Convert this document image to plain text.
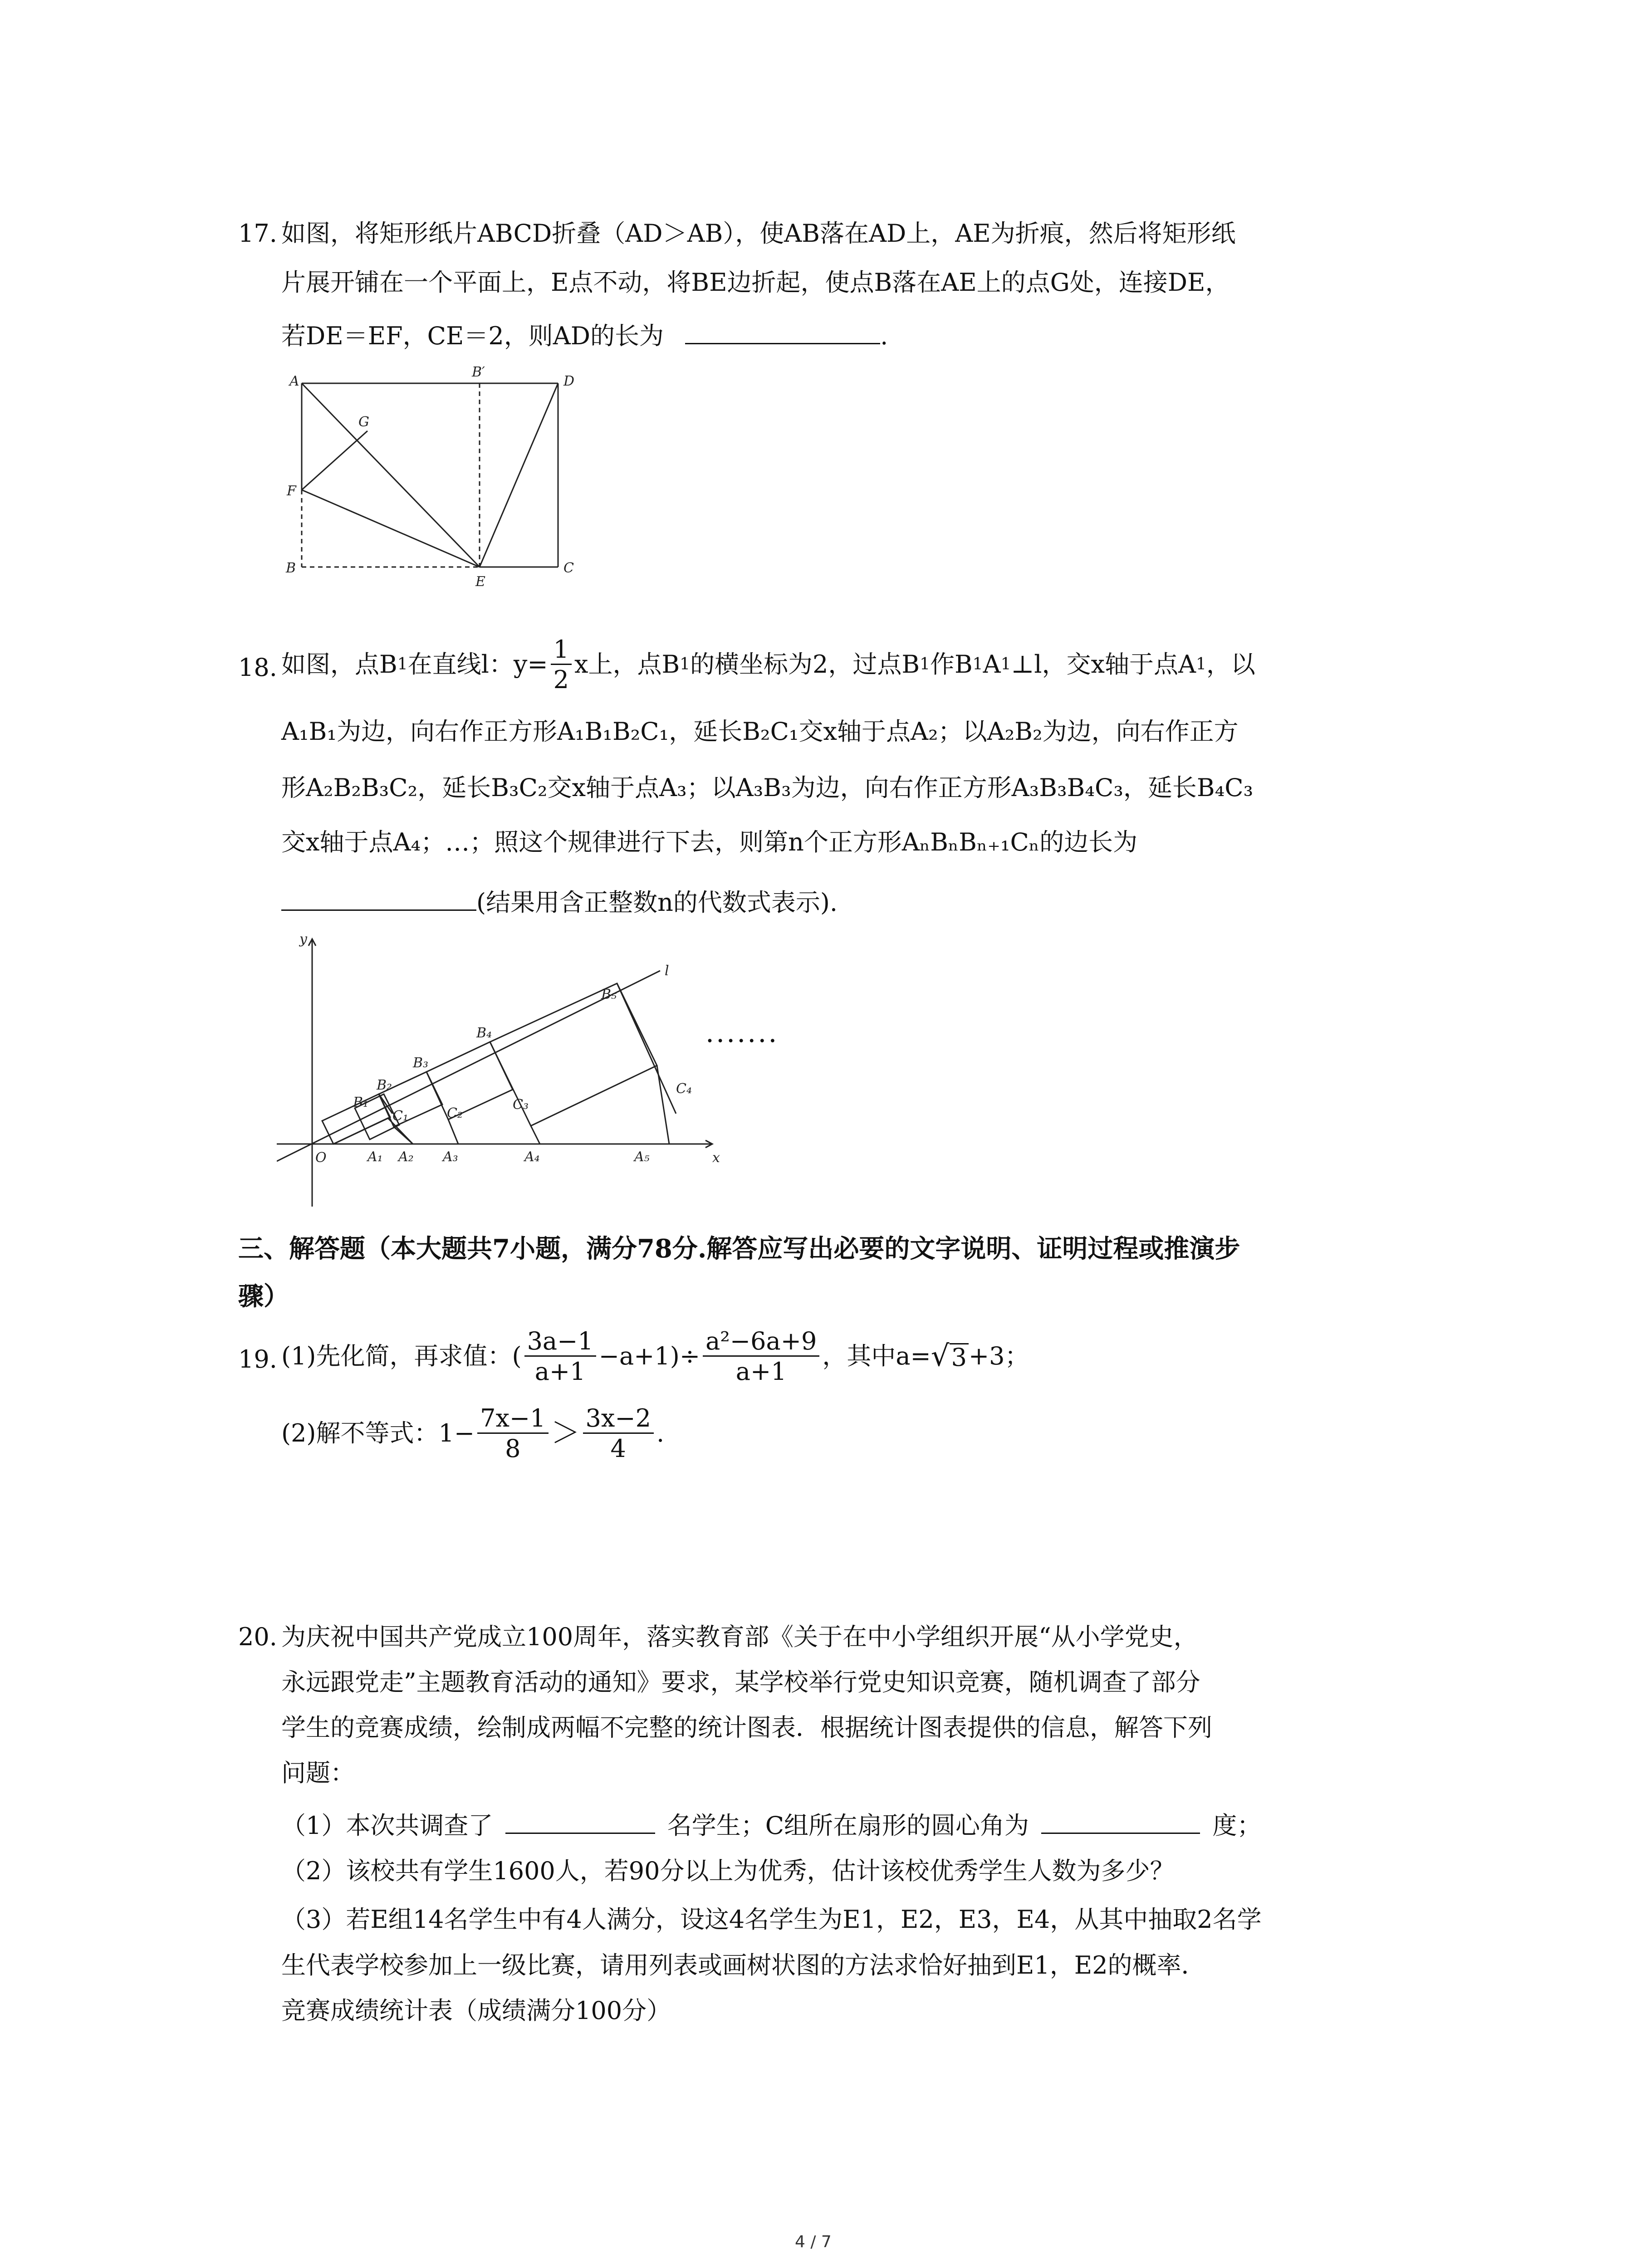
17. 如图，将矩形纸片ABCD折叠（AD＞AB），使AB落在AD上，AE为折痕，然后将矩形纸
片展开铺在一个平面上，E点不动，将BE边折起，使点B落在AE上的点G处，连接DE，
若DE＝EF，CE＝2，则AD的长为	.
A
B′
D
G
F
B
E
C
18. 如图，点B 1 在直线l：$y= \frac{1}{2}$ x上，点B 1 的横坐标为2，过点B 1 作B 1 A 1 ⊥l，交x轴于点A 1 ，以
A₁B₁为边，向右作正方形A₁B₁B₂C₁，延长B₂C₁交x轴于点A₂；以A₂B₂为边，向右作正方
形A₂B₂B₃C₂，延长B₃C₂交x轴于点A₃；以A₃B₃为边，向右作正方形A₃B₃B₄C₃，延长B₄C₃
交x轴于点A₄；…；照这个规律进行下去，则第n个正方形AₙBₙBₙ₊₁Cₙ的边长为
(结果用含正整数n的代数式表示).
y
l
O	x
B₁
B₂
B₃
B₄
B₅
C₁	C₂
C₃
C₄
A₁ A₂ A₃	A₄	A₅
·······
三、解答题（本大题共7小题，满分78分.解答应写出必要的文字说明、证明过程或推演步
骤）
19. (1)先化简，再求值：( $\frac{3a-1}{a+1} -a+1)\div \frac{\text{a²−6a+9}}{a+1}$ ，其中a= √ 3 +3；
(2)解不等式：$1- \frac{7x-1}{8} > \frac{3x-2}{4}$ .
20. 为庆祝中国共产党成立100周年，落实教育部《关于在中小学组织开展“从小学党史，
永远跟党走”主题教育活动的通知》要求，某学校举行党史知识竞赛，随机调查了部分
学生的竞赛成绩，绘制成两幅不完整的统计图表．根据统计图表提供的信息，解答下列
问题：
（1）本次共调查了	名学生；C组所在扇形的圆心角为	度；
（2）该校共有学生1600人，若90分以上为优秀，估计该校优秀学生人数为多少？
（3）若E组14名学生中有4人满分，设这4名学生为E1，E2，E3，E4，从其中抽取2名学
生代表学校参加上一级比赛，请用列表或画树状图的方法求恰好抽到E1，E2的概率．
竞赛成绩统计表（成绩满分100分）
4 / 7
